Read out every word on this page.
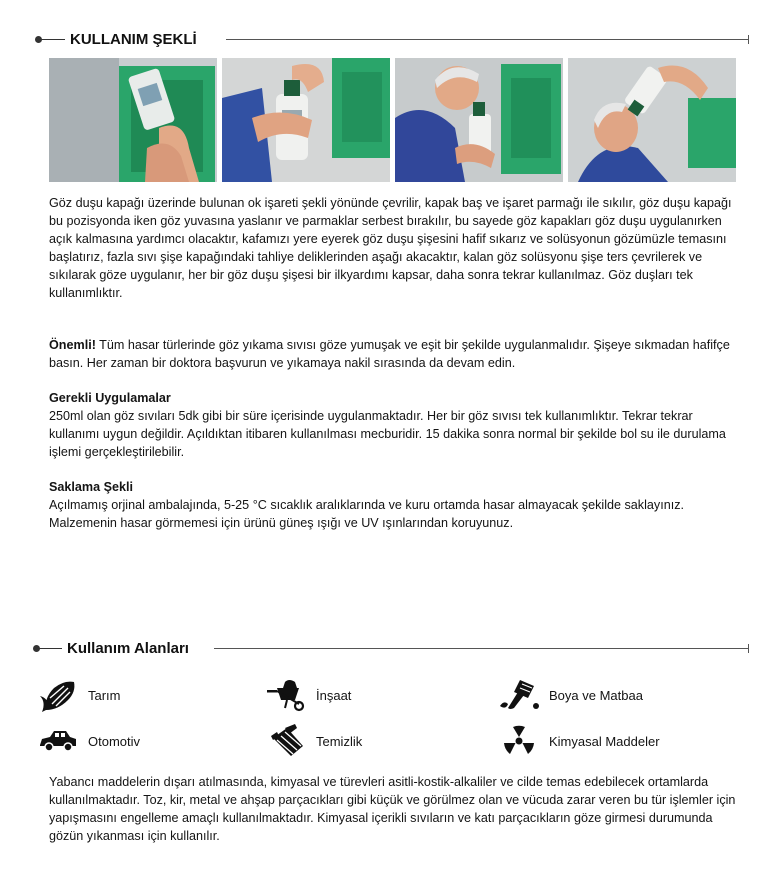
KULLANIM ŞEKLİ

Göz duşu kapağı üzerinde bulunan ok işareti şekli yönünde çevrilir, kapak baş ve işaret parmağı ile sıkılır, göz duşu kapağı bu pozisyonda iken göz yuvasına yaslanır ve parmaklar serbest bırakılır, bu sayede göz kapakları göz duşu uygulanırken açık kalmasına yardımcı olacaktır, kafamızı yere eyerek göz duşu şişesini hafif sıkarız ve solüsyonun gözümüzle temasını başlatırız, fazla sıvı şişe kapağındaki tahliye deliklerinden aşağı akacaktır, kalan göz solüsyonu şişe ters çevrilerek ve sıkılarak göze uygulanır, her bir göz duşu şişesi bir ilkyardımı kapsar, daha sonra tekrar kullanılmaz. Göz duşları tek kullanımlıktır.

Önemli! Tüm hasar türlerinde göz yıkama sıvısı göze yumuşak ve eşit bir şekilde uygulanmalıdır. Şişeye sıkmadan hafifçe basın. Her zaman bir doktora başvurun ve yıkamaya nakil sırasında da devam edin.

Gerekli Uygulamalar
250ml olan göz sıvıları 5dk gibi bir süre içerisinde uygulanmaktadır. Her bir göz sıvısı tek kullanımlıktır. Tekrar tekrar kullanımı uygun değildir. Açıldıktan itibaren kullanılması mecburidir. 15 dakika sonra normal bir şekilde bol su ile durulama işlemi gerçekleştirilebilir.
Saklama Şekli
Açılmamış orjinal ambalajında, 5-25 °C sıcaklık aralıklarında ve kuru ortamda hasar almayacak şekilde saklayınız. Malzemenin hasar görmemesi için ürünü güneş ışığı ve UV ışınlarından koruyunuz.
Kullanım Alanları
Tarım	İnşaat	Boya ve Matbaa
Otomotiv	Temizlik	Kimyasal Maddeler

Yabancı maddelerin dışarı atılmasında, kimyasal ve türevleri asitli-kostik-alkaliler ve cilde temas edebilecek ortamlarda kullanılmaktadır. Toz, kir, metal ve ahşap parçacıkları gibi küçük ve görülmez olan ve vücuda zarar veren bu tür işlemler için yapışmasını engelleme amaçlı kullanılmaktadır. Kimyasal içerikli sıvıların ve katı parçacıkların göze girmesi durumunda gözün yıkanması için kullanılır.
